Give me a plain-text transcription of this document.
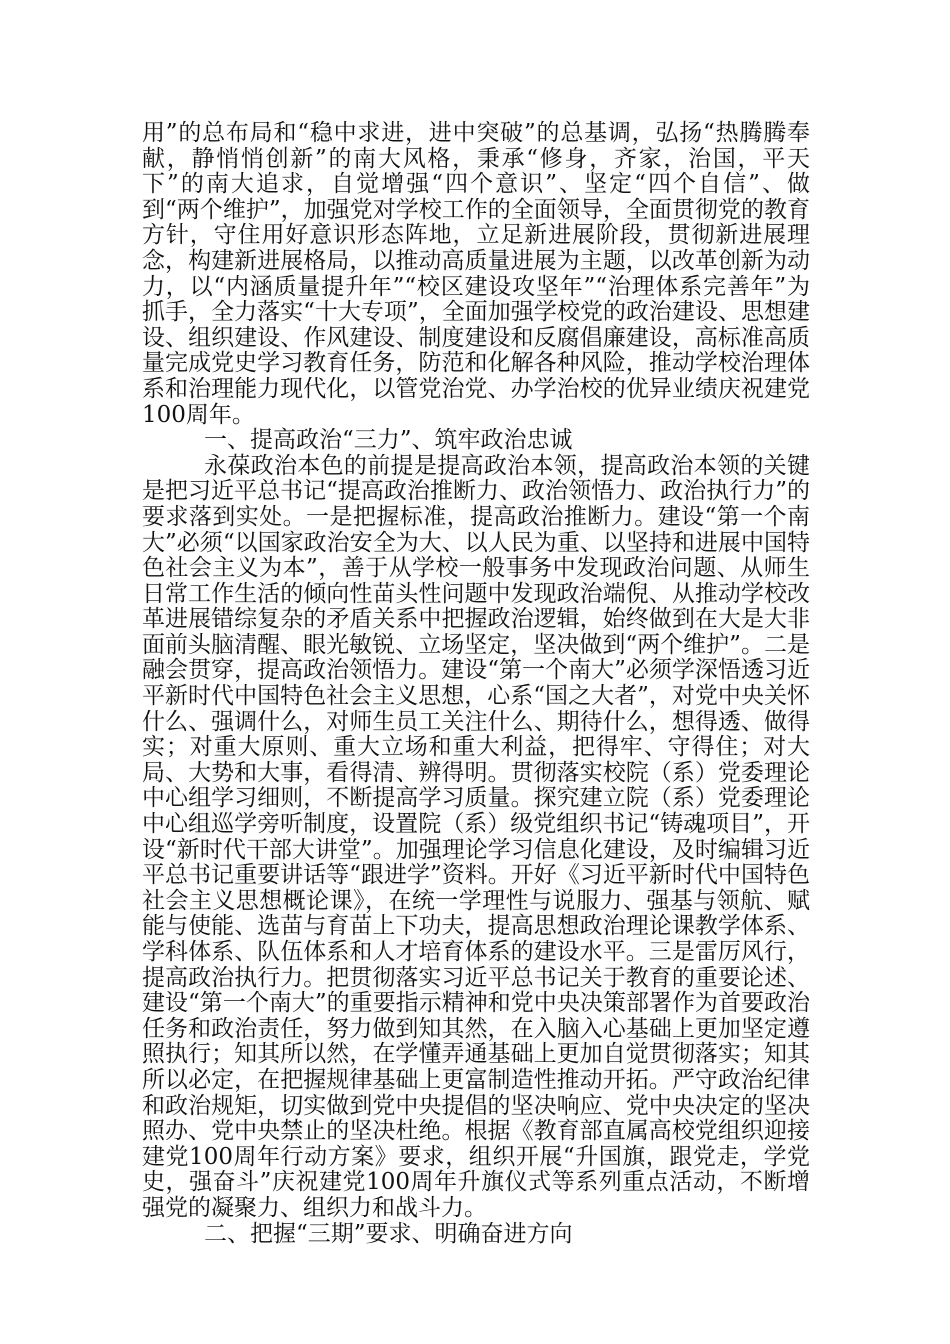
用”的总布局和“稳中求进，进中突破”的总基调，弘扬“热腾腾奉献，静悄悄创新”的南大风格，秉承“修身，齐家，治国，平天下”的南大追求，自觉增强“四个意识”、坚定“四个自信”、做到“两个维护”，加强党对学校工作的全面领导，全面贯彻党的教育方针，守住用好意识形态阵地，立足新进展阶段，贯彻新进展理念，构建新进展格局，以推动高质量进展为主题，以改革创新为动力，以“内涵质量提升年”“校区建设攻坚年”“治理体系完善年”为抓手，全力落实“十大专项”，全面加强学校党的政治建设、思想建设、组织建设、作风建设、制度建设和反腐倡廉建设，高标准高质量完成党史学习教育任务，防范和化解各种风险，推动学校治理体系和治理能力现代化，以管党治党、办学治校的优异业绩庆祝建党100周年。

一、提高政治“三力”、筑牢政治忠诚

永葆政治本色的前提是提高政治本领，提高政治本领的关键是把习近平总书记“提高政治推断力、政治领悟力、政治执行力”的要求落到实处。一是把握标准，提高政治推断力。建设“第一个南大”必须“以国家政治安全为大、以人民为重、以坚持和进展中国特色社会主义为本”，善于从学校一般事务中发现政治问题、从师生日常工作生活的倾向性苗头性问题中发现政治端倪、从推动学校改革进展错综复杂的矛盾关系中把握政治逻辑，始终做到在大是大非面前头脑清醒、眼光敏锐、立场坚定，坚决做到“两个维护”。二是融会贯穿，提高政治领悟力。建设“第一个南大”必须学深悟透习近平新时代中国特色社会主义思想，心系“国之大者”，对党中央关怀什么、强调什么，对师生员工关注什么、期待什么，想得透、做得实；对重大原则、重大立场和重大利益，把得牢、守得住；对大局、大势和大事，看得清、辨得明。贯彻落实校院（系）党委理论中心组学习细则，不断提高学习质量。探究建立院（系）党委理论中心组巡学旁听制度，设置院（系）级党组织书记“铸魂项目”，开设“新时代干部大讲堂”。加强理论学习信息化建设，及时编辑习近平总书记重要讲话等“跟进学”资料。开好《习近平新时代中国特色社会主义思想概论课》，在统一学理性与说服力、强基与领航、赋能与使能、选苗与育苗上下功夫，提高思想政治理论课教学体系、学科体系、队伍体系和人才培育体系的建设水平。三是雷厉风行，提高政治执行力。把贯彻落实习近平总书记关于教育的重要论述、建设“第一个南大”的重要指示精神和党中央决策部署作为首要政治任务和政治责任，努力做到知其然，在入脑入心基础上更加坚定遵照执行；知其所以然，在学懂弄通基础上更加自觉贯彻落实；知其所以必定，在把握规律基础上更富制造性推动开拓。严守政治纪律和政治规矩，切实做到党中央提倡的坚决响应、党中央决定的坚决照办、党中央禁止的坚决杜绝。根据《教育部直属高校党组织迎接建党100周年行动方案》要求，组织开展“升国旗，跟党走，学党史，强奋斗”庆祝建党100周年升旗仪式等系列重点活动，不断增强党的凝聚力、组织力和战斗力。

二、把握“三期”要求、明确奋进方向
